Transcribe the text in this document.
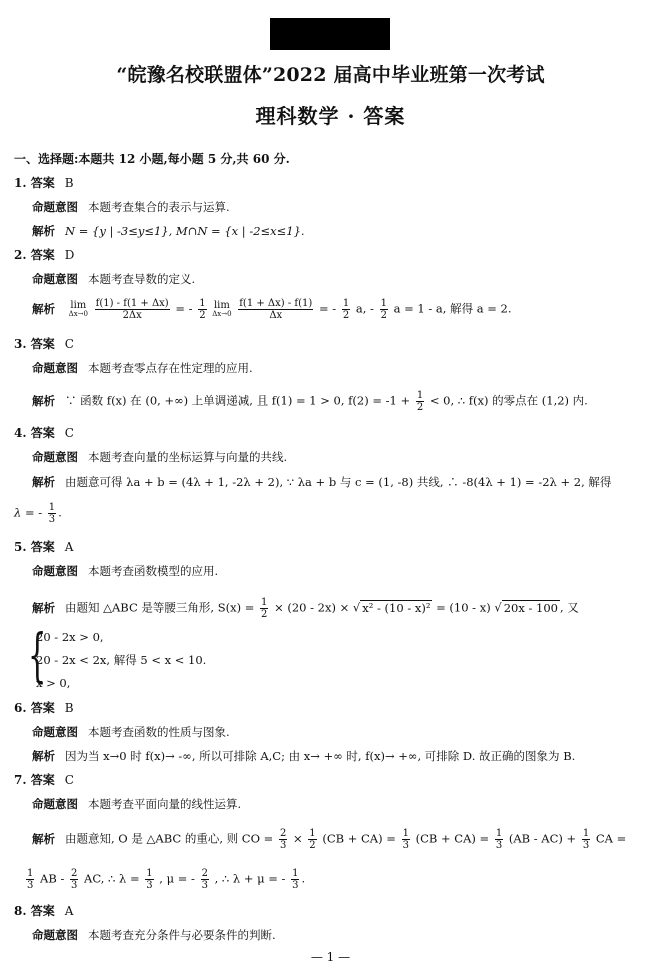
“皖豫名校联盟体”2022 届高中毕业班第一次考试
理科数学 · 答案
一、选择题:本题共 12 小题,每小题 5 分,共 60 分.
1. 答案 B
命题意图 本题考查集合的表示与运算.
解析 N = {y | -3≤y≤1}, M∩N = {x | -2≤x≤1}.
2. 答案 D
命题意图 本题考查导数的定义.
解析 lim
Δx→0
$\frac{f(1) - f(1 + \Delta x)}{2\Delta x}$ = - $\frac{1}{2}$
lim
Δx→0
$\frac{f(1 + \Delta x) - f(1)}{\Delta x}$ = - $\frac{1}{2} a$, - $\frac{1}{2}$ a = 1 - a, 解得 a = 2.
3. 答案 C
命题意图 本题考查零点存在性定理的应用.
解析 ∵ 函数 f(x) 在 (0, +∞) 上单调递减, 且 f(1) = 1 > 0, $f(2) = -1 + \frac{1}{2} < 0$, ∴ f(x) 的零点在 (1,2) 内.
4. 答案 C
命题意图 本题考查向量的坐标运算与向量的共线.
解析 由题意可得 λa + b = (4λ + 1, -2λ + 2), ∵ λa + b 与 c = (1, -8) 共线, ∴ -8(4λ + 1) = -2λ + 2, 解得
λ = - $\frac{1}{3}$ .
5. 答案 A
命题意图 本题考查函数模型的应用.
解析 由题知 △ABC 是等腰三角形, $S(x) = \frac{1}{2} \times (20 - 2x)$ × √ x² - (10 - x)² = (10 - x) √ 20x - 100 , 又
{
20 - 2x > 0,
20 - 2x < 2x, 解得 5 < x < 10.
x > 0,
6. 答案 B
命题意图 本题考查函数的性质与图象.
解析 因为当 x→0 时 f(x)→ -∞, 所以可排除 A,C; 由 x→ +∞ 时, f(x)→ +∞, 可排除 D. 故正确的图象为 B.
7. 答案 C
命题意图 本题考查平面向量的线性运算.
解析 由题意知, O 是 △ABC 的重心, 则 CO = $\frac{2}{3} \times \frac{1}{2} (CB + CA) = \frac{1}{3} (CB + CA) = \frac{1}{3} (AB - AC) + \frac{1}{3}$ CA =
$\frac{1}{3}$ AB - $\frac{2}{3}$ AC, ∴ $\lambda = \frac{1}{3}$ , μ = - $\frac{2}{3}$ , ∴ λ + μ = - $\frac{1}{3}$ .
8. 答案 A
命题意图 本题考查充分条件与必要条件的判断.
— 1 —
